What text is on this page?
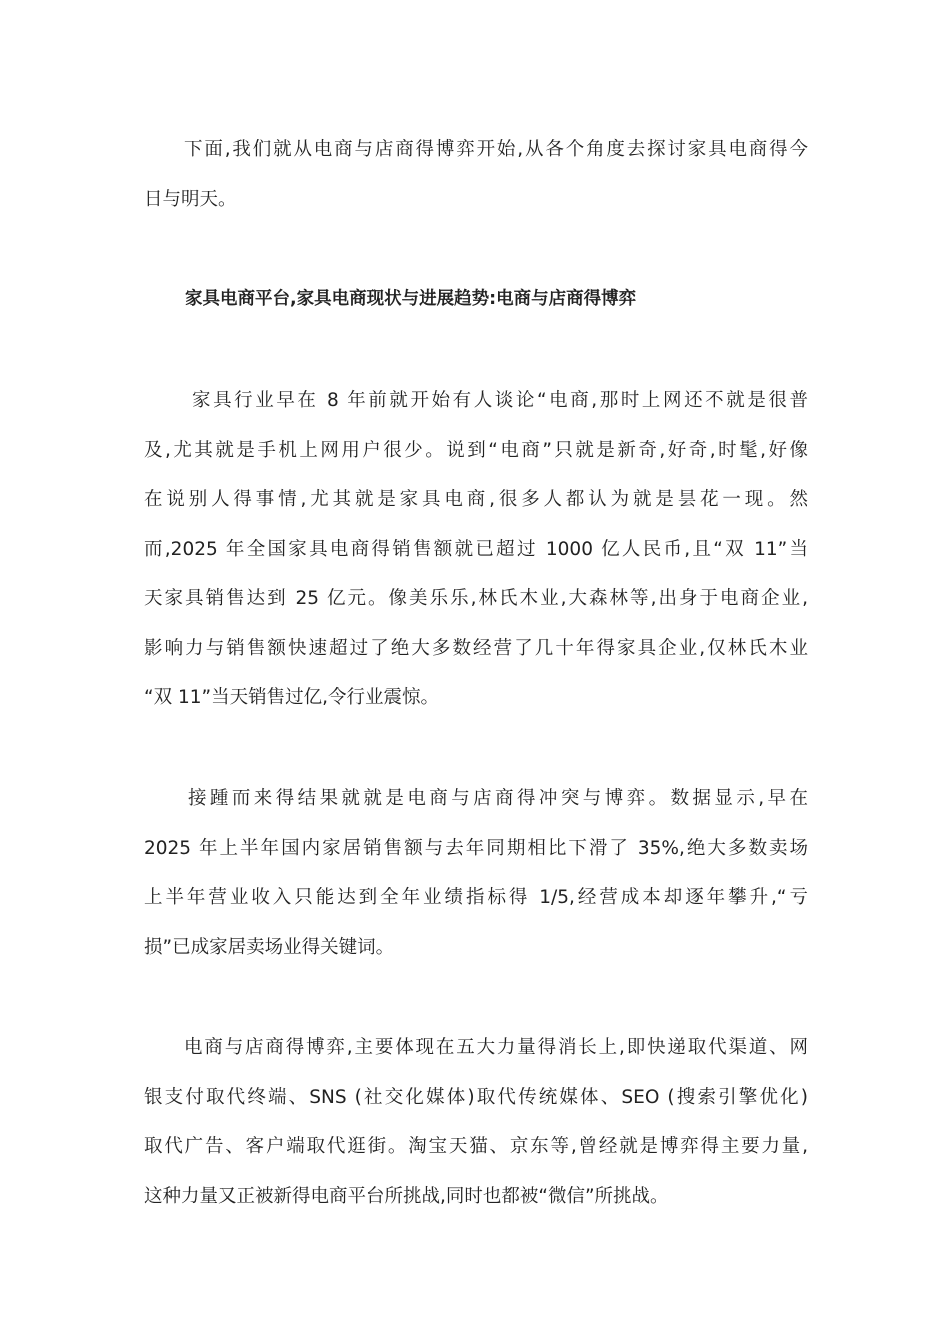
下面,我们就从电商与店商得博弈开始,从各个角度去探讨家具电商得今
日与明天。
家具电商平台,家具电商现状与进展趋势:电商与店商得博弈
家具行业早在 8 年前就开始有人谈论“电商,那时上网还不就是很普
及,尤其就是手机上网用户很少。说到“电商”只就是新奇,好奇,时髦,好像
在说别人得事情,尤其就是家具电商,很多人都认为就是昙花一现。然
而,2025 年全国家具电商得销售额就已超过 1000 亿人民币,且“双 11”当
天家具销售达到 25 亿元。像美乐乐,林氏木业,大森林等,出身于电商企业,
影响力与销售额快速超过了绝大多数经营了几十年得家具企业,仅林氏木业
“双 11”当天销售过亿,令行业震惊。
接踵而来得结果就就是电商与店商得冲突与博弈。数据显示,早在
2025 年上半年国内家居销售额与去年同期相比下滑了 35%,绝大多数卖场
上半年营业收入只能达到全年业绩指标得 1/5,经营成本却逐年攀升,“亏
损”已成家居卖场业得关键词。
电商与店商得博弈,主要体现在五大力量得消长上,即快递取代渠道、网
银支付取代终端、SNS (社交化媒体)取代传统媒体、SEO (搜索引擎优化)
取代广告、客户端取代逛街。淘宝天猫、京东等,曾经就是博弈得主要力量,
这种力量又正被新得电商平台所挑战,同时也都被“微信”所挑战。
